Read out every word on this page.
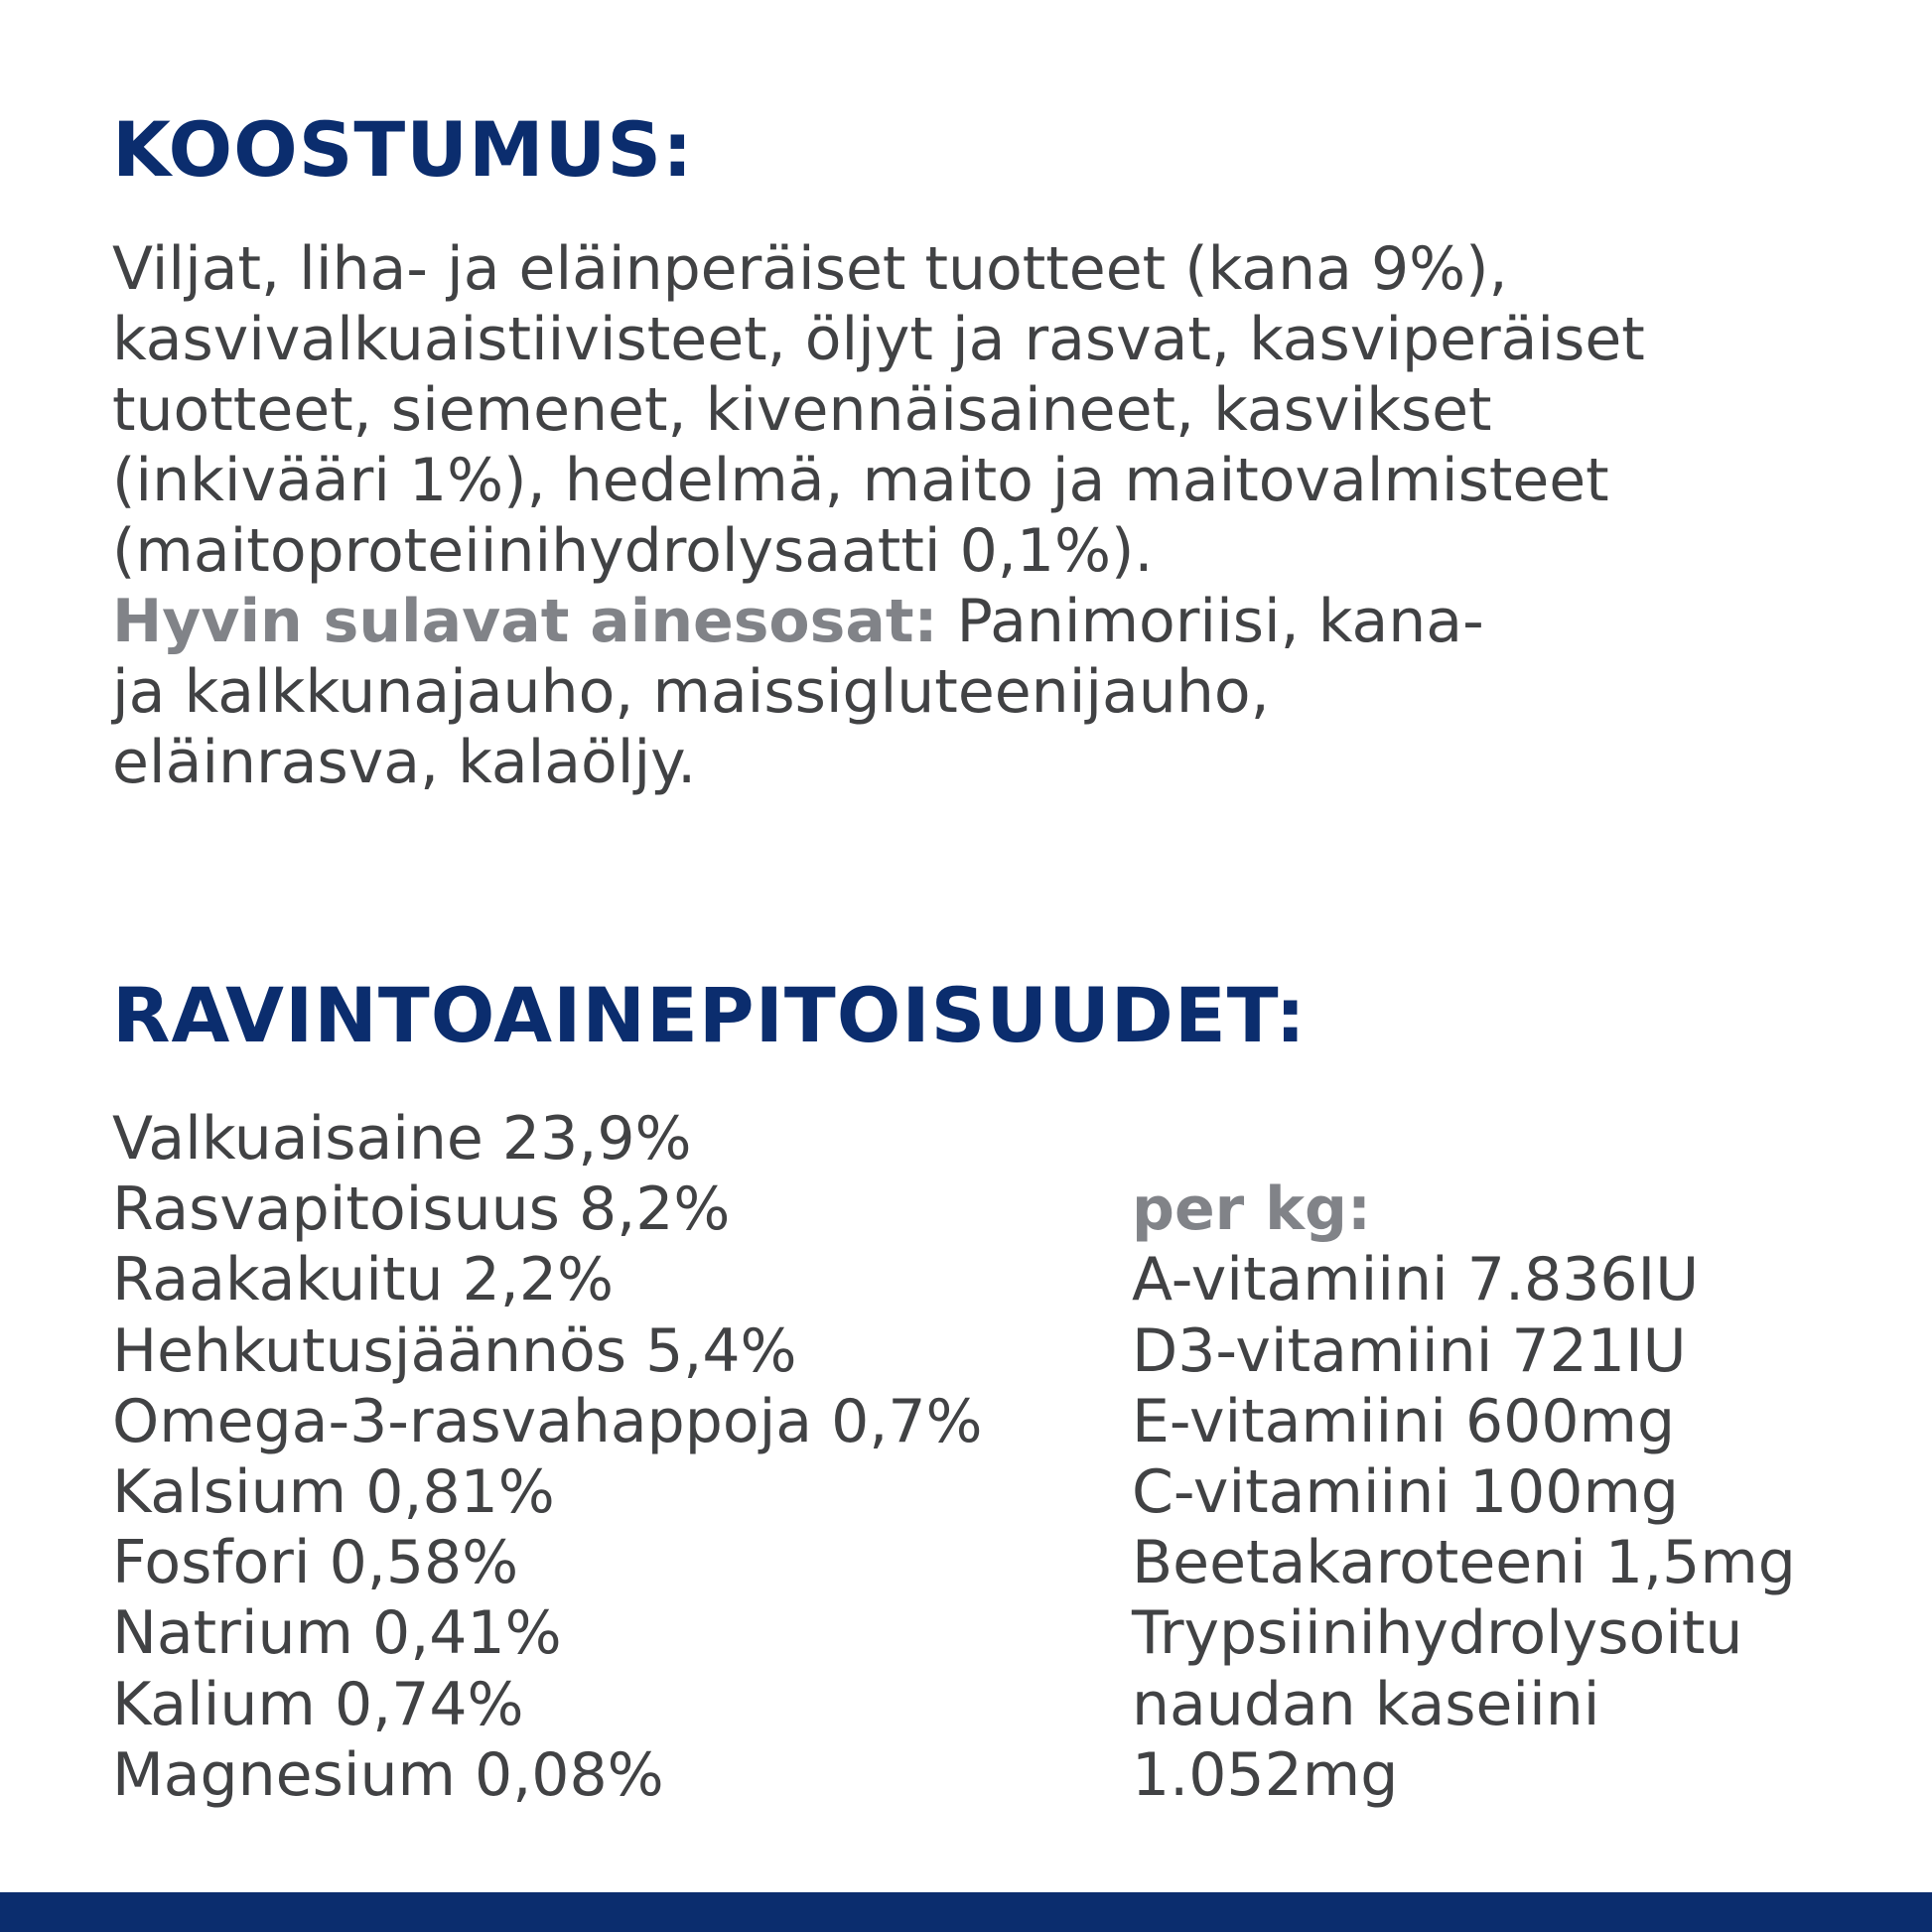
KOOSTUMUS:
Viljat, liha- ja eläinperäiset tuotteet (kana 9%),
kasvivalkuaistiivisteet, öljyt ja rasvat, kasviperäiset
tuotteet, siemenet, kivennäisaineet, kasvikset
(inkivääri 1%), hedelmä, maito ja maitovalmisteet
(maitoproteiinihydrolysaatti 0,1%).
Hyvin sulavat ainesosat: Panimoriisi, kana-
ja kalkkunajauho, maissigluteenijauho,
eläinrasva, kalaöljy.
RAVINTOAINEPITOISUUDET:
Valkuaisaine 23,9%
Rasvapitoisuus 8,2%
Raakakuitu 2,2%
Hehkutusjäännös 5,4%
Omega-3-rasvahappoja 0,7%
Kalsium 0,81%
Fosfori 0,58%
Natrium 0,41%
Kalium 0,74%
Magnesium 0,08%
per kg:
A-vitamiini 7.836IU
D3-vitamiini 721IU
E-vitamiini 600mg
C-vitamiini 100mg
Beetakaroteeni 1,5mg
Trypsiinihydrolysoitu
naudan kaseiini
1.052mg
